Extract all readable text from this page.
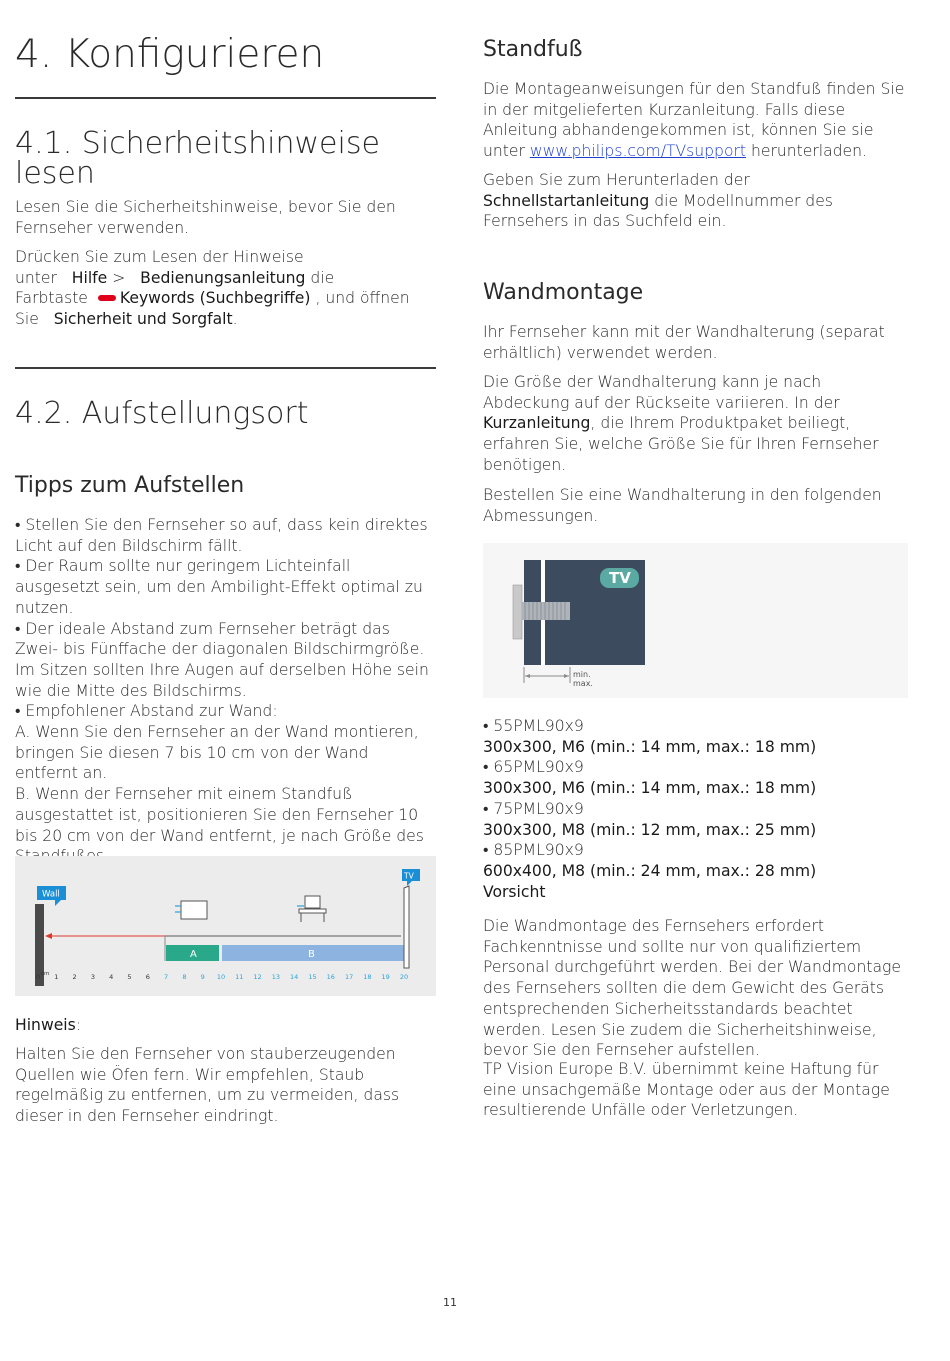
4. Konfigurieren
4.1. Sicherheitshinweise lesen

Lesen Sie die Sicherheitshinweise, bevor Sie den Fernseher verwenden.

Drücken Sie zum Lesen der Hinweise
unter Hilfe > Bedienungsanleitung die
Farbtaste Keywords (Suchbegriffe) , und öffnen
Sie Sicherheit und Sorgfalt.
4.2. Aufstellungsort
Tipps zum Aufstellen
• Stellen Sie den Fernseher so auf, dass kein direktes Licht auf den Bildschirm fällt.
• Der Raum sollte nur geringem Lichteinfall ausgesetzt sein, um den Ambilight-Effekt optimal zu nutzen.
• Der ideale Abstand zum Fernseher beträgt das Zwei- bis Fünffache der diagonalen Bildschirmgröße. Im Sitzen sollten Ihre Augen auf derselben Höhe sein wie die Mitte des Bildschirms.
• Empfohlener Abstand zur Wand:
A. Wenn Sie den Fernseher an der Wand montieren, bringen Sie diesen 7 bis 10 cm von der Wand entfernt an.
B. Wenn der Fernseher mit einem Standfuß ausgestattet ist, positionieren Sie den Fernseher 10 bis 20 cm von der Wand entfernt, je nach Größe des
Wall
A	B
TV
0 1 2 3 4 5 6 7 8 9 10 11 12 13 14 15 16 17 18 19 20
cm
Hinweis:

Halten Sie den Fernseher von stauberzeugenden Quellen wie Öfen fern. Wir empfehlen, Staub regelmäßig zu entfernen, um zu vermeiden, dass dieser in den Fernseher eindringt.

Standfuß
Die Montageanweisungen für den Standfuß finden Sie in der mitgelieferten Kurzanleitung. Falls diese Anleitung abhandengekommen ist, können Sie sie unter www.philips.com/TVsupport herunterladen.
Geben Sie zum Herunterladen der
Schnellstartanleitung die Modellnummer des Fernsehers in das Suchfeld ein.
Wandmontage

Ihr Fernseher kann mit der Wandhalterung (separat erhältlich) verwendet werden.

Die Größe der Wandhalterung kann je nach Abdeckung auf der Rückseite variieren. In der Kurzanleitung, die Ihrem Produktpaket beiliegt, erfahren Sie, welche Größe Sie für Ihren Fernseher benötigen.

Bestellen Sie eine Wandhalterung in den folgenden Abmessungen.

TV
min.
max.
• 55PML90x9
300x300, M6 (min.: 14 mm, max.: 18 mm)
• 65PML90x9
300x300, M6 (min.: 14 mm, max.: 18 mm)
• 75PML90x9
300x300, M8 (min.: 12 mm, max.: 25 mm)
• 85PML90x9
600x400, M8 (min.: 24 mm, max.: 28 mm)
Vorsicht

Die Wandmontage des Fernsehers erfordert Fachkenntnisse und sollte nur von qualifiziertem Personal durchgeführt werden. Bei der Wandmontage des Fernsehers sollten die dem Gewicht des Geräts entsprechenden Sicherheitsstandards beachtet werden. Lesen Sie zudem die Sicherheitshinweise, bevor Sie den Fernseher aufstellen.

TP Vision Europe B.V. übernimmt keine Haftung für eine unsachgemäße Montage oder aus der Montage resultierende Unfälle oder Verletzungen.

11
